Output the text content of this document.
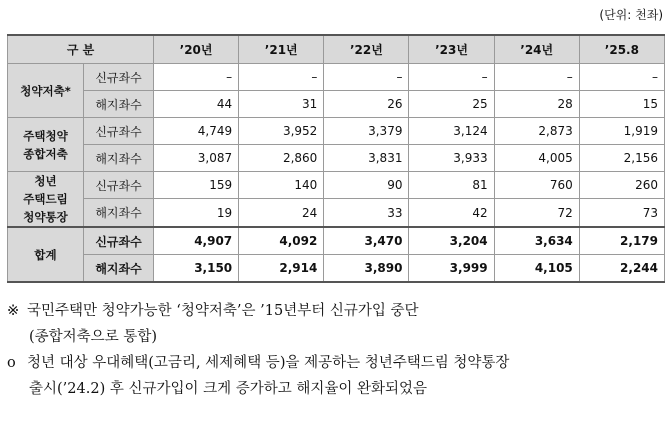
(단위: 천좌)
구 분		’20년	’21년	’22년	’23년	’24년	’25.8
청약저축*	신규좌수	–	–	–	–	–	–
	해지좌수	44	31	26	25	28	15
주택청약
종합저축	신규좌수	4,749	3,952	3,379	3,124	2,873	1,919
	해지좌수	3,087	2,860	3,831	3,933	4,005	2,156
청년
주택드림
청약통장	신규좌수	159	140	90	81	760	260
	해지좌수	19	24	33	42	72	73
합계	신규좌수	4,907	4,092	3,470	3,204	3,634	2,179
	해지좌수	3,150	2,914	3,890	3,999	4,105	2,244
※ 국민주택만 청약가능한 ‘청약저축’은 ’15년부터 신규가입 중단
(종합저축으로 통합)
o 청년 대상 우대혜택(고금리, 세제혜택 등)을 제공하는 청년주택드림 청약통장
출시(’24.2) 후 신규가입이 크게 증가하고 해지율이 완화되었음
